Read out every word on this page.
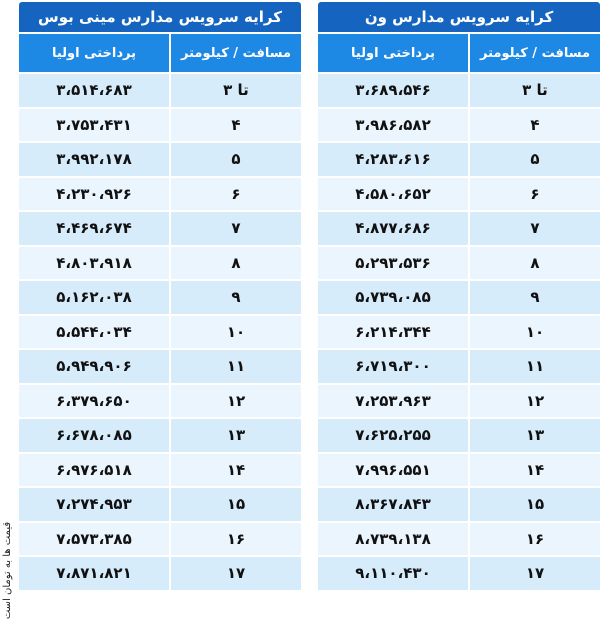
کرایه سرویس مدارس مینی بوس
مسافت / کیلومتر
پرداختی اولیا
تا ۳
۳،۵۱۴،۶۸۳
۴
۳،۷۵۳،۴۳۱
۵
۳،۹۹۲،۱۷۸
۶
۴،۲۳۰،۹۲۶
۷
۴،۴۶۹،۶۷۴
۸
۴،۸۰۳،۹۱۸
۹
۵،۱۶۲،۰۳۸
۱۰
۵،۵۴۴،۰۳۴
۱۱
۵،۹۴۹،۹۰۶
۱۲
۶،۳۷۹،۶۵۰
۱۳
۶،۶۷۸،۰۸۵
۱۴
۶،۹۷۶،۵۱۸
۱۵
۷،۲۷۴،۹۵۳
۱۶
۷،۵۷۳،۳۸۵
۱۷
۷،۸۷۱،۸۲۱
کرایه سرویس مدارس ون
مسافت / کیلومتر
پرداختی اولیا
تا ۳
۳،۶۸۹،۵۴۶
۴
۳،۹۸۶،۵۸۲
۵
۴،۲۸۳،۶۱۶
۶
۴،۵۸۰،۶۵۲
۷
۴،۸۷۷،۶۸۶
۸
۵،۲۹۳،۵۳۶
۹
۵،۷۳۹،۰۸۵
۱۰
۶،۲۱۴،۳۴۴
۱۱
۶،۷۱۹،۳۰۰
۱۲
۷،۲۵۳،۹۶۳
۱۳
۷،۶۲۵،۲۵۵
۱۴
۷،۹۹۶،۵۵۱
۱۵
۸،۳۶۷،۸۴۳
۱۶
۸،۷۳۹،۱۳۸
۱۷
۹،۱۱۰،۴۳۰
قیمت ها به تومان است
